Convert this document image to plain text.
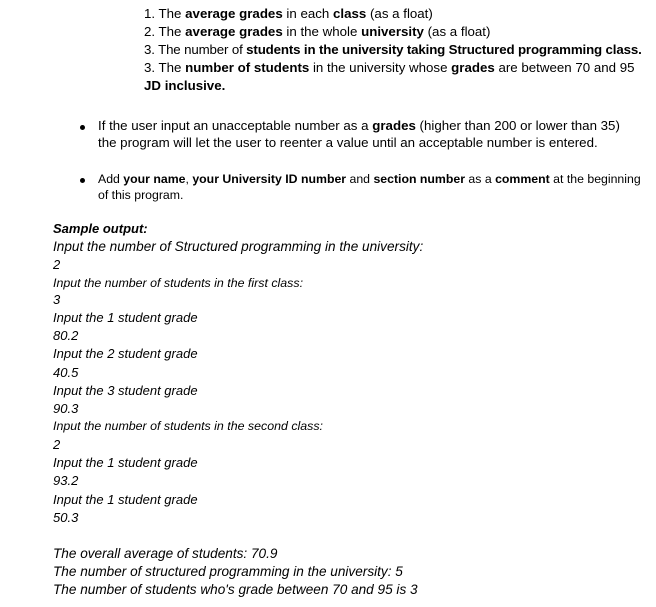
1. The average grades in each class (as a float)
2. The average grades in the whole university (as a float)
3. The number of students in the university taking Structured programming class.
3. The number of students in the university whose grades are between 70 and 95
JD inclusive.
If the user input an unacceptable number as a grades (higher than 200 or lower than 35)
the program will let the user to reenter a value until an acceptable number is entered.
Add your name, your University ID number and section number as a comment at the beginning
of this program.
Sample output:
Input the number of Structured programming in the university:
2
Input the number of students in the first class:
3
Input the 1 student grade
80.2
Input the 2 student grade
40.5
Input the 3 student grade
90.3
Input the number of students in the second class:
2
Input the 1 student grade
93.2
Input the 1 student grade
50.3
The overall average of students: 70.9
The number of structured programming in the university: 5
The number of students who's grade between 70 and 95 is 3
